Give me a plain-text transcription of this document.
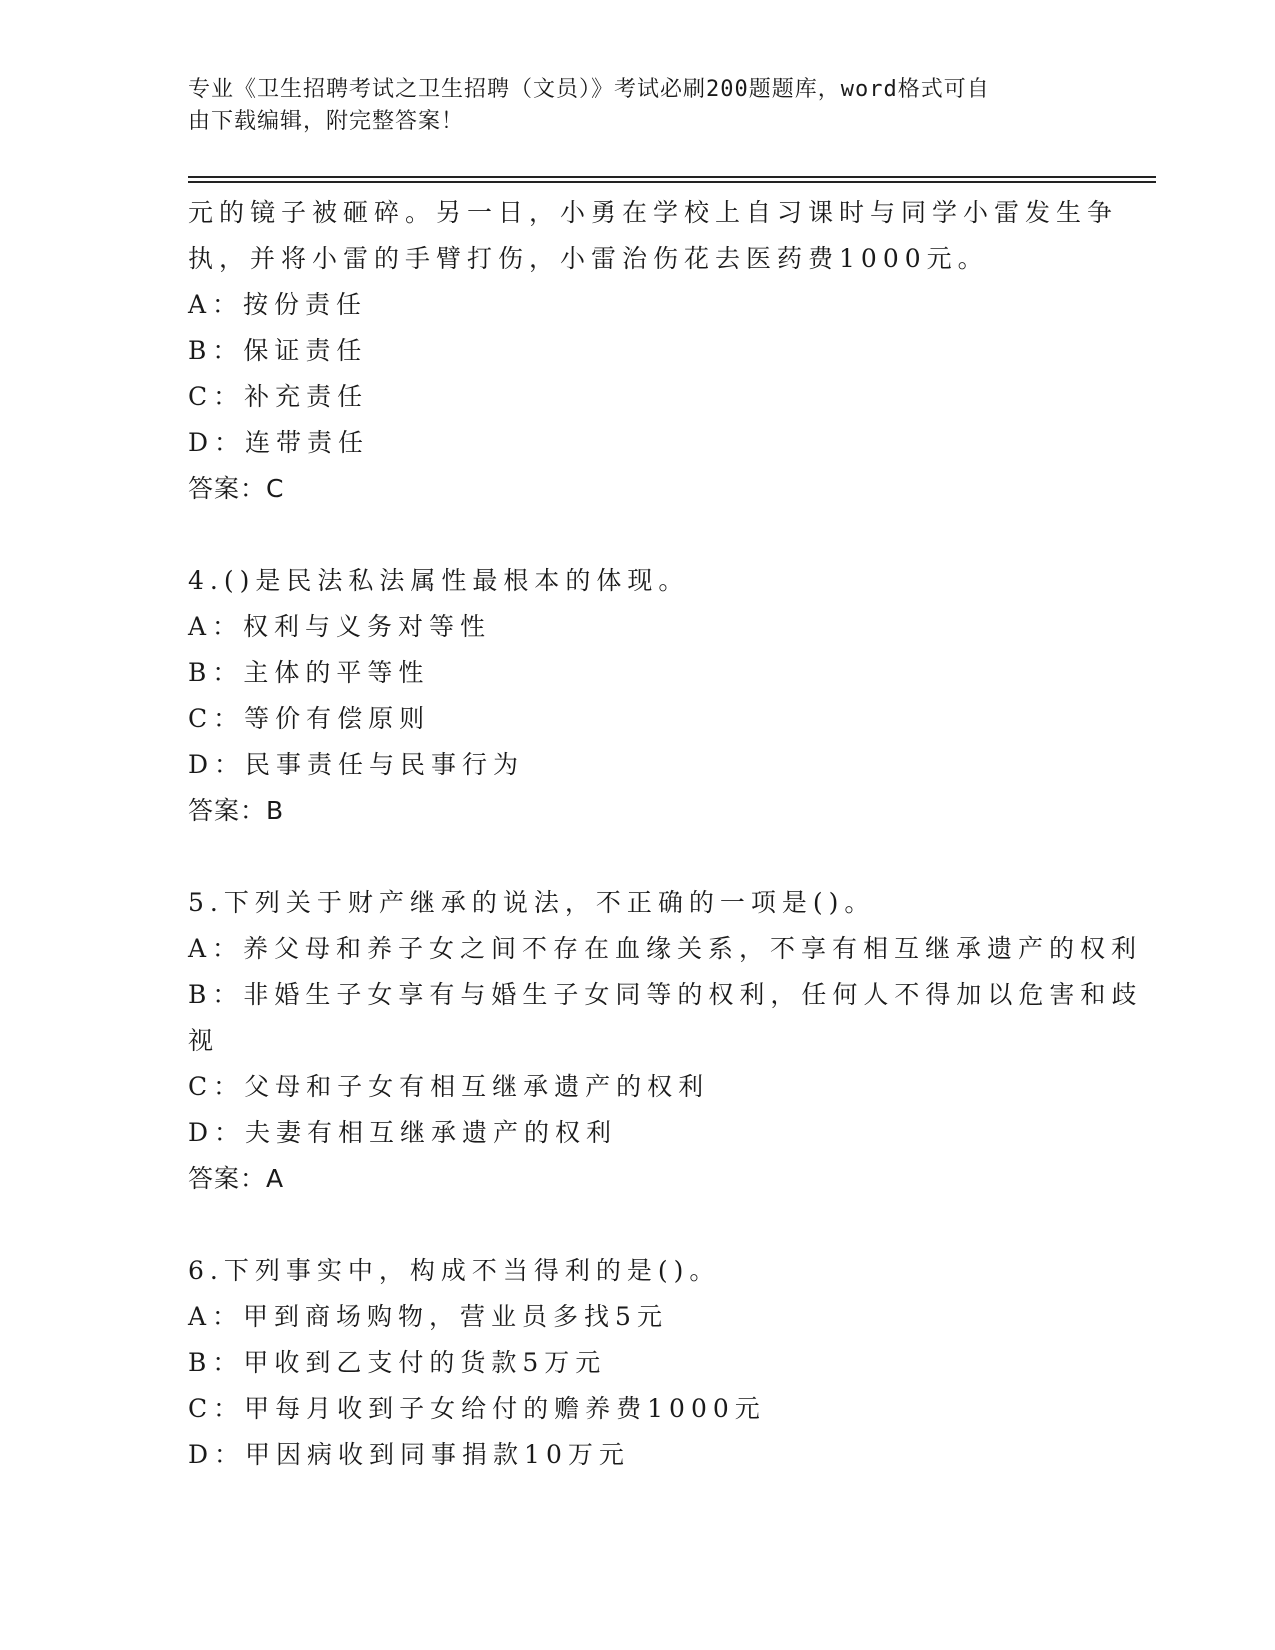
专业《卫生招聘考试之卫生招聘（文员）》考试必刷200题题库，word格式可自
由下载编辑，附完整答案！
元的镜子被砸碎。另一日，小勇在学校上自习课时与同学小雷发生争
执，并将小雷的手臂打伤，小雷治伤花去医药费1000元。
A：按份责任
B：保证责任
C：补充责任
D：连带责任
答案：C
4.()是民法私法属性最根本的体现。
A：权利与义务对等性
B：主体的平等性
C：等价有偿原则
D：民事责任与民事行为
答案：B
5.下列关于财产继承的说法，不正确的一项是()。
A：养父母和养子女之间不存在血缘关系，不享有相互继承遗产的权利
B：非婚生子女享有与婚生子女同等的权利，任何人不得加以危害和歧
视
C：父母和子女有相互继承遗产的权利
D：夫妻有相互继承遗产的权利
答案：A
6.下列事实中，构成不当得利的是()。
A：甲到商场购物，营业员多找5元
B：甲收到乙支付的货款5万元
C：甲每月收到子女给付的赡养费1000元
D：甲因病收到同事捐款10万元
